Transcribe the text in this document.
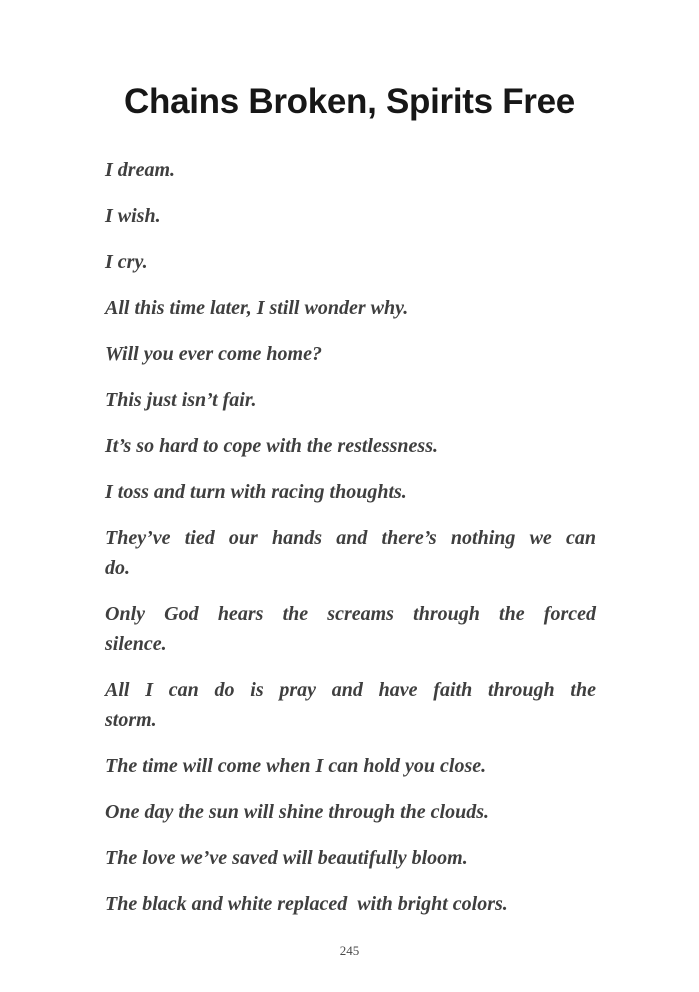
Chains Broken, Spirits Free

I dream.

I wish.

I cry.

All this time later, I still wonder why.

Will you ever come home?

This just isn’t fair.

It’s so hard to cope with the restlessness.

I toss and turn with racing thoughts.

They’ve tied our hands and there’s nothing we can
do.

Only God hears the screams through the forced
silence.

All I can do is pray and have faith through the
storm.

The time will come when I can hold you close.

One day the sun will shine through the clouds.

The love we’ve saved will beautifully bloom.

The black and white replaced  with bright colors.

245
